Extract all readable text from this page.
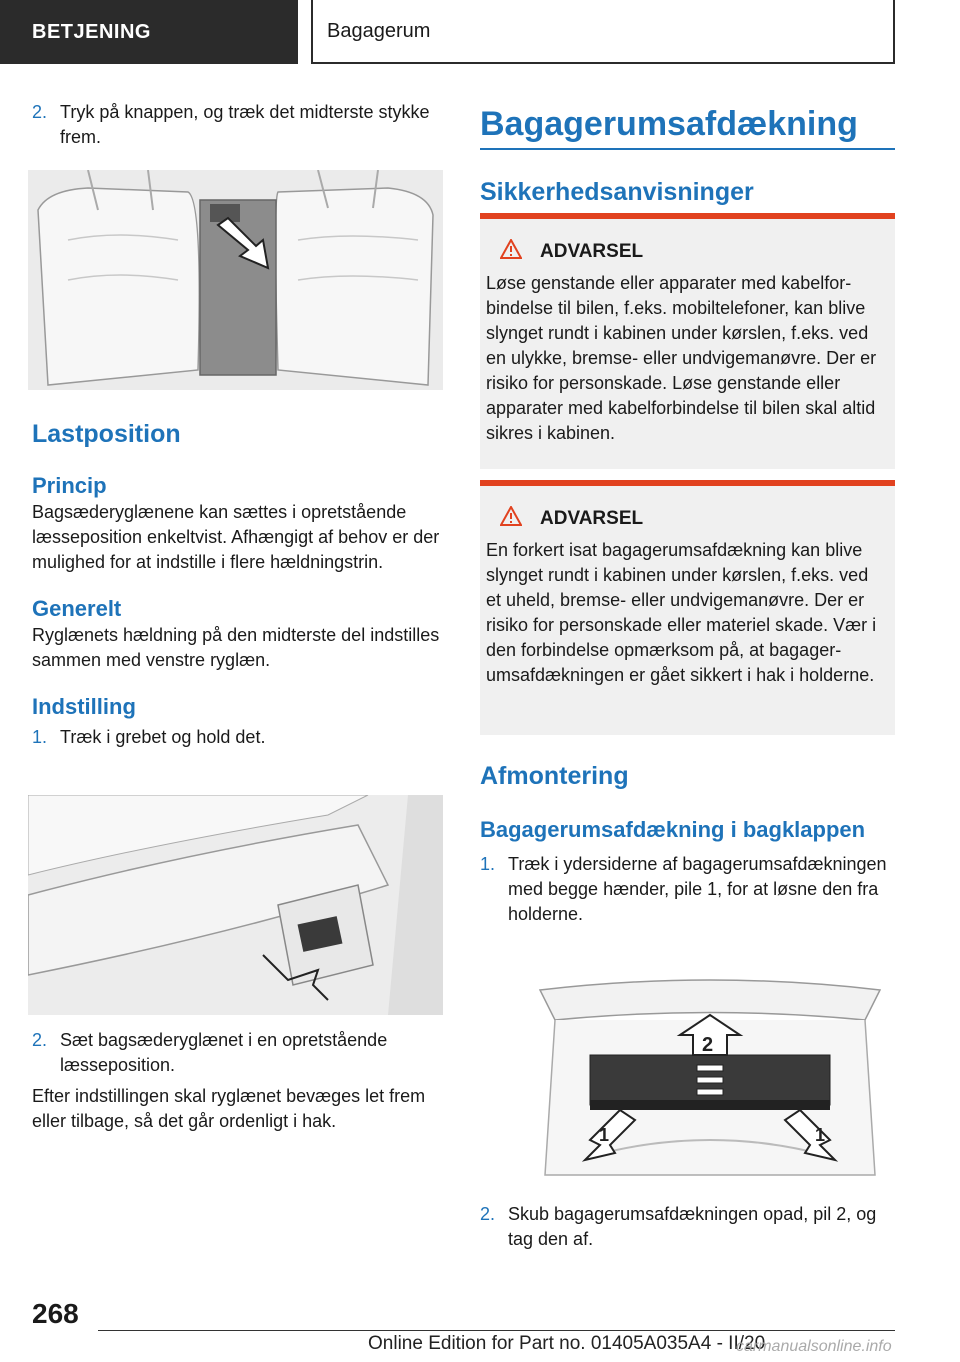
BETJENING	Bagagerum
2. Tryk på knappen, og træk det midterste stykke frem.
Lastposition
Princip

Bagsæderyglænene kan sættes i opretstående læsseposition enkeltvist. Afhængigt af behov er der mulighed for at indstille i flere hældningstrin.

Generelt

Ryglænets hældning på den midterste del indstilles sammen med venstre ryglæn.

Indstilling
1. Træk i grebet og hold det.
2. Sæt bagsæderyglænet i en opretstående læsseposition.

Efter indstillingen skal ryglænet bevæges let frem eller tilbage, så det går ordenligt i hak.

Bagagerumsafdækning
Sikkerhedsanvisninger
ADVARSEL

Løse genstande eller apparater med kabelforbindelse til bilen, f.eks. mobiltelefoner, kan blive slynget rundt i kabinen under kørslen, f.eks. ved en ulykke, bremse- eller undvigemanøvre. Der er risiko for personskade. Løse genstande eller apparater med kabelforbindelse til bilen skal altid sikres i kabinen.

ADVARSEL

En forkert isat bagagerumsafdækning kan blive slynget rundt i kabinen under kørslen, f.eks. ved et uheld, bremse- eller undvigemanøvre. Der er risiko for personskade eller materiel skade. Vær i den forbindelse opmærksom på, at bagagerumsafdækningen er gået sikkert i hak i holderne.

Afmontering
Bagagerumsafdækning i bagklappen
1. Træk i ydersiderne af bagagerumsafdækningen med begge hænder, pile 1, for at løsne den fra holderne.
2
1	1
2. Skub bagagerumsafdækningen opad, pil 2, og tag den af.
268
Online Edition for Part no. 01405A035A4 - II/20
carmanualsonline.info
